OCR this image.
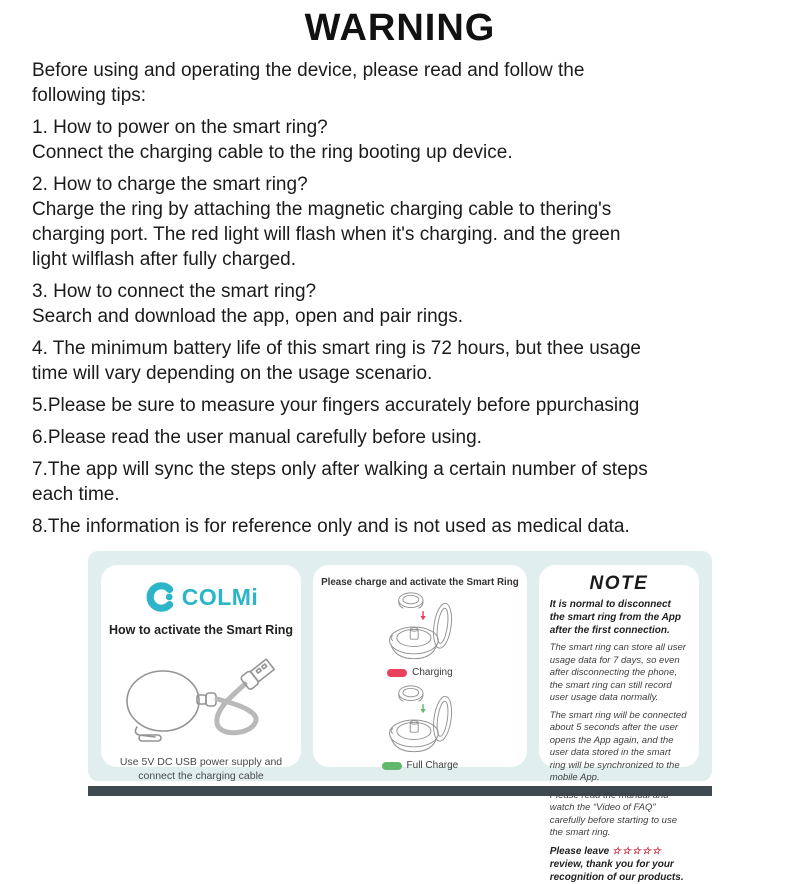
WARNING
Before using and operating the device, please read and follow the
following tips:
1. How to power on the smart ring?
Connect the charging cable to the ring booting up device.
2. How to charge the smart ring?
Charge the ring by attaching the magnetic charging cable to thering's
charging port. The red light will flash when it's charging. and the green
light wilflash after fully charged.
3. How to connect the smart ring?
Search and download the app, open and pair rings.
4. The minimum battery life of this smart ring is 72 hours, but thee usage
time will vary depending on the usage scenario.
5.Please be sure to measure your fingers accurately before ppurchasing
6.Please read the user manual carefully before using.
7.The app will sync the steps only after walking a certain number of steps
each time.
8.The information is for reference only and is not used as medical data.
COLMi
How to activate the Smart Ring
Use 5V DC USB power supply and
connect the charging cable
Please charge and activate the Smart Ring
Charging
Full Charge
NOTE
It is normal to disconnect the smart ring from the App after the first connection.
The smart ring can store all user usage data for 7 days, so even after disconnecting the phone, the smart ring can still record user usage data normally.
The smart ring will be connected about 5 seconds after the user opens the App again, and the user data stored in the smart ring will be synchronized to the mobile App.
Please read the manual and watch the “Video of FAQ” carefully before starting to use the smart ring.
Please leave ☆☆☆☆☆ review, thank you for your recognition of our products.
